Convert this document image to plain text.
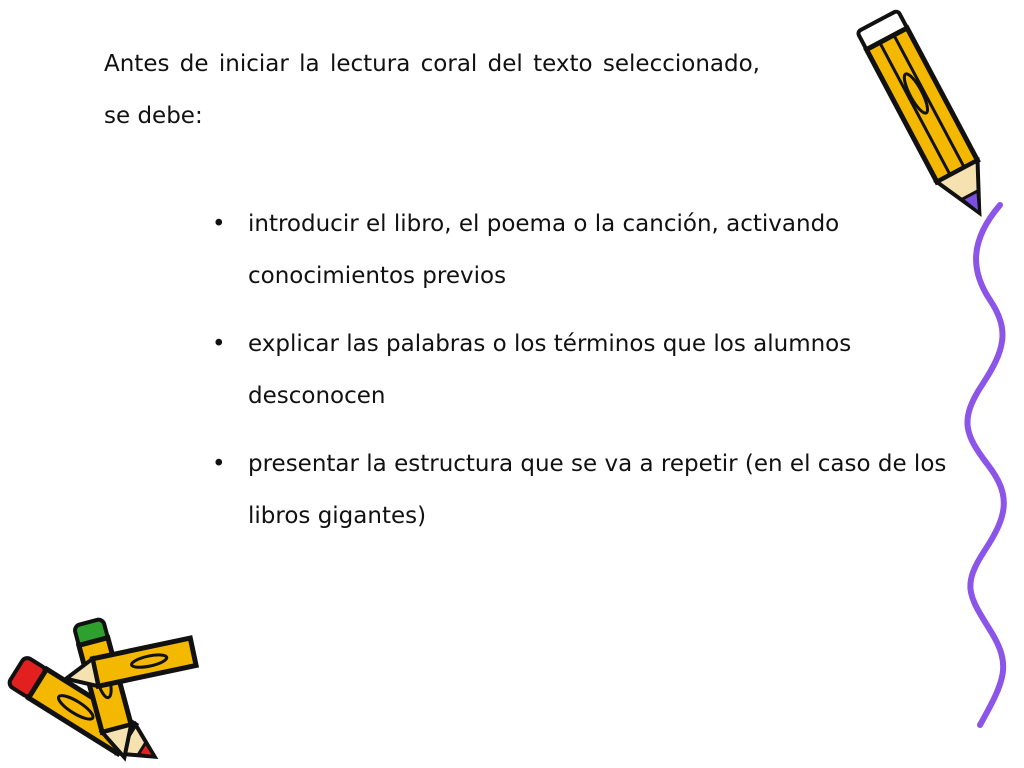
Antes de iniciar la lectura coral del texto seleccionado, se debe:

• introducir el libro, el poema o la canción, activando conocimientos previos
• explicar las palabras o los términos que los alumnos desconocen
• presentar la estructura que se va a repetir (en el caso de los libros gigantes)
